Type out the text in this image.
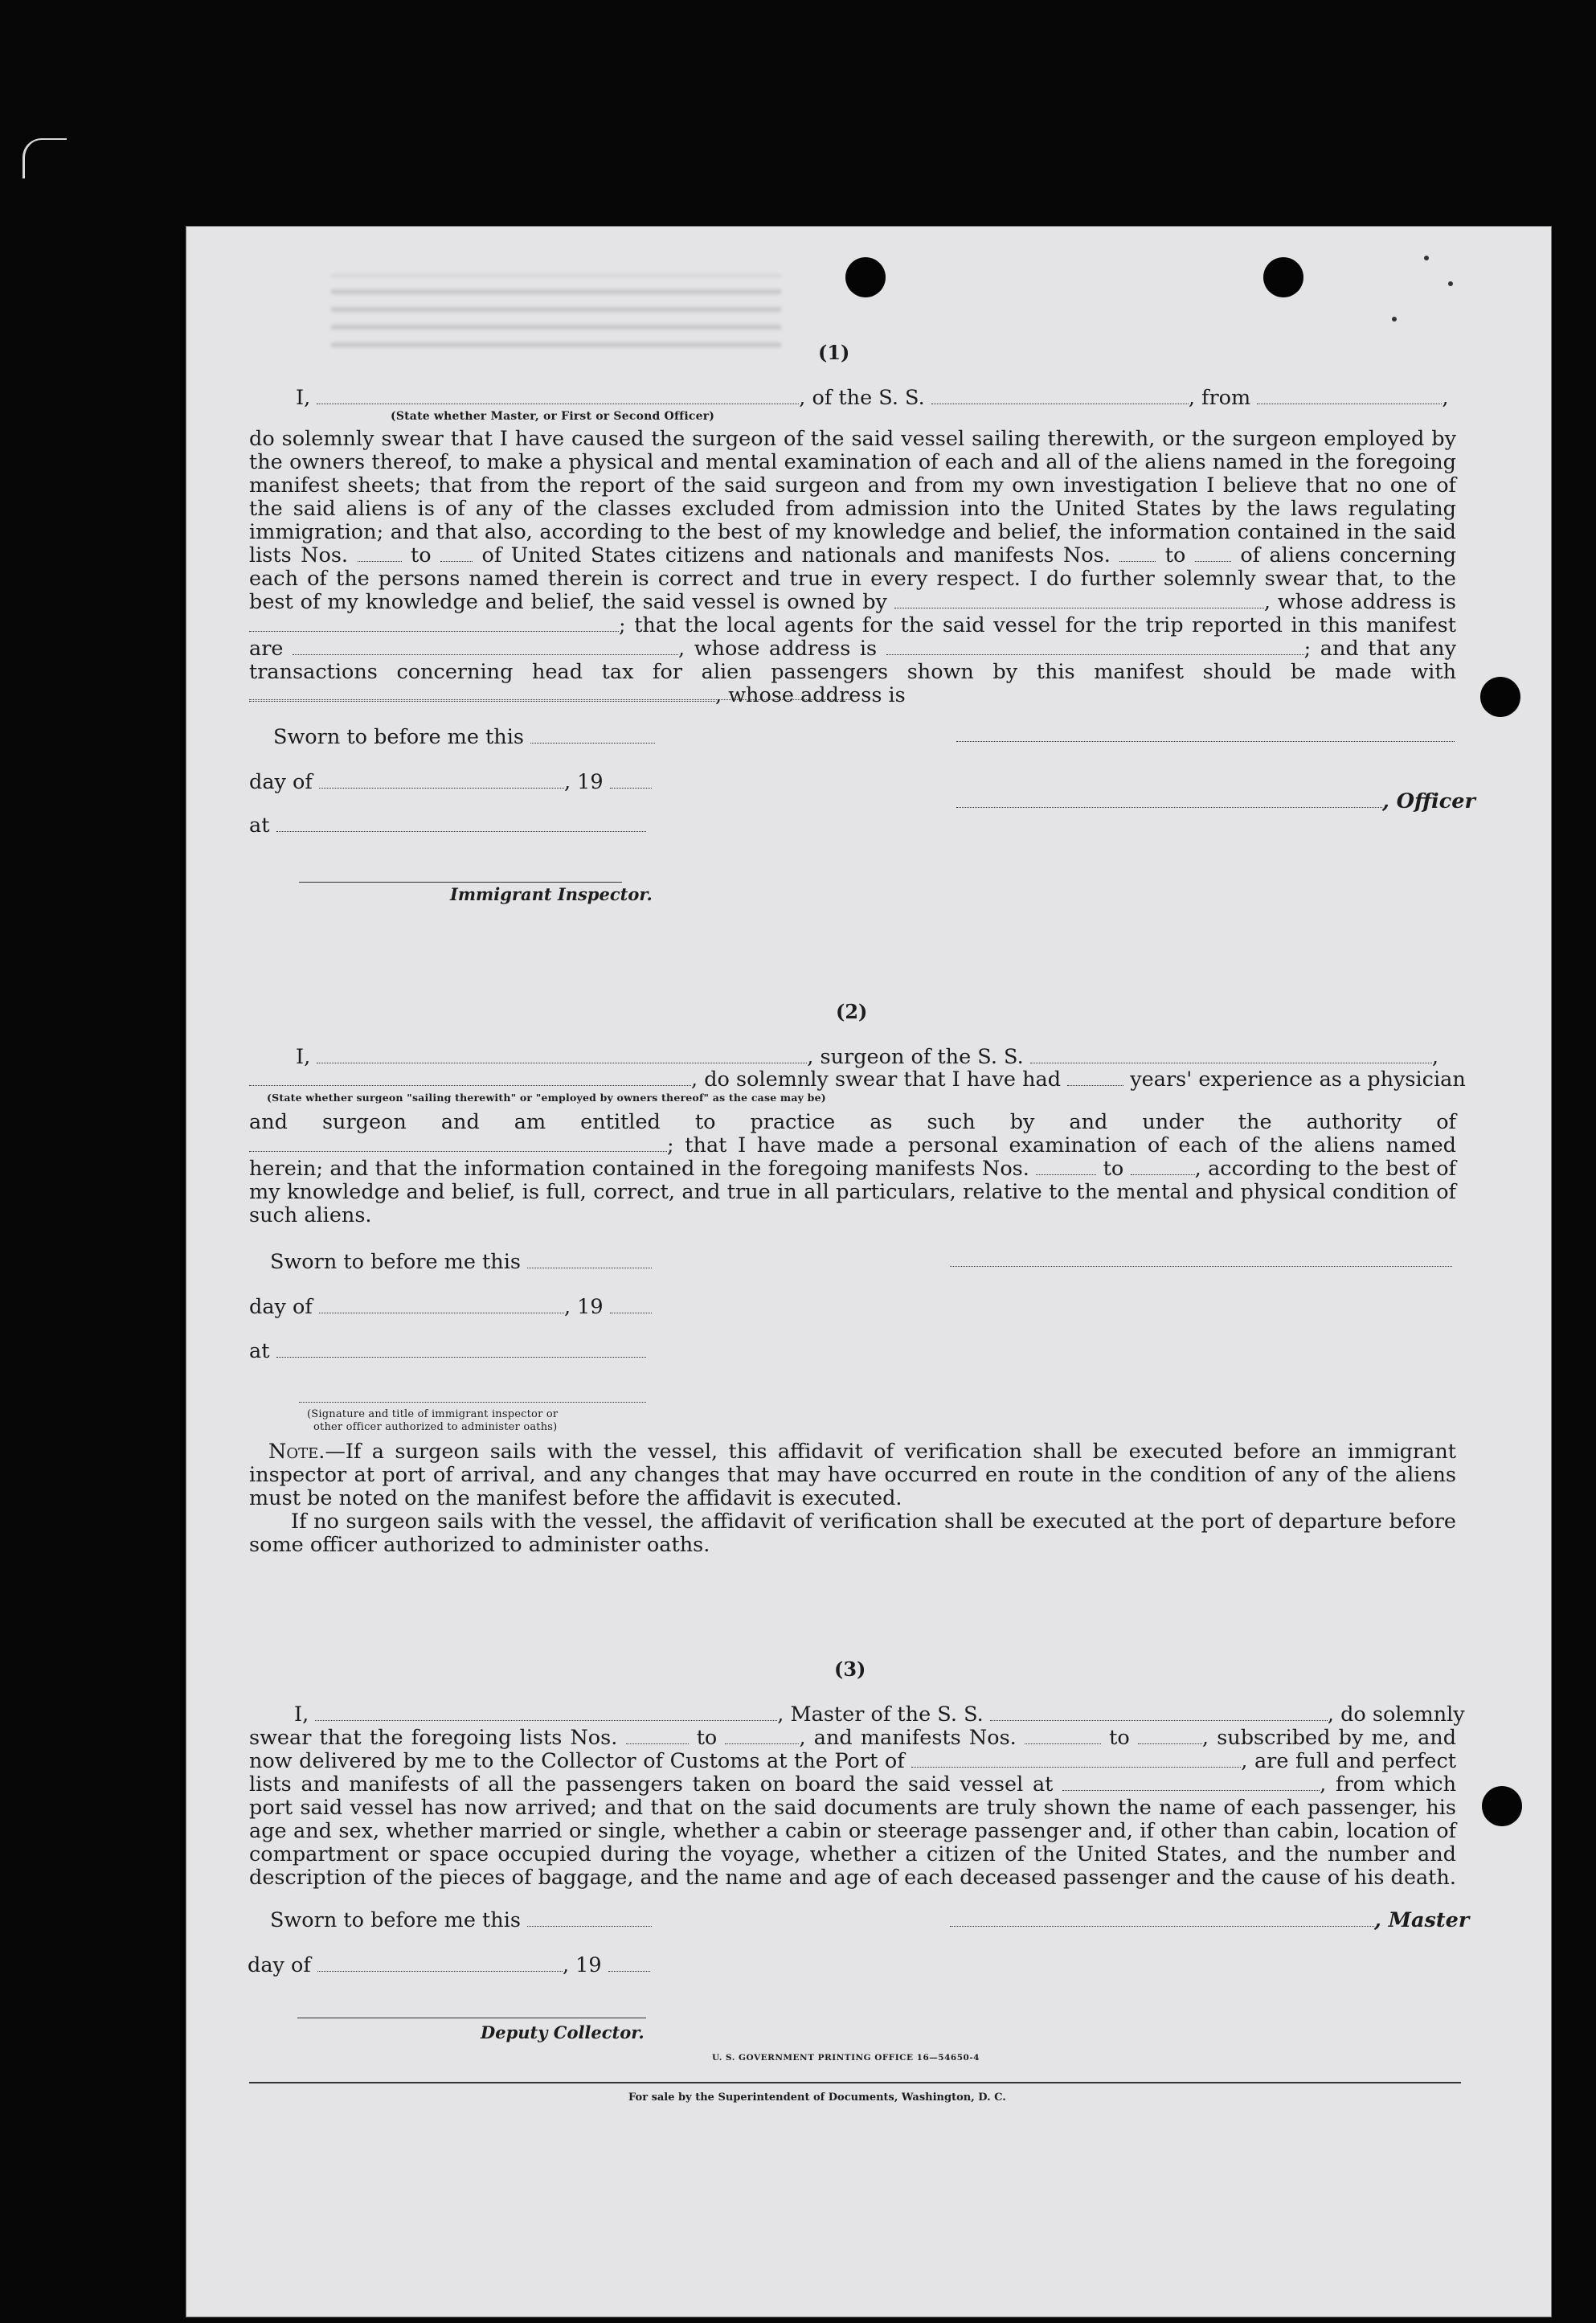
(1)
I,	, of the S. S.	, from	,
(State whether Master, or First or Second Officer)
do solemnly swear that I have caused the surgeon of the said vessel sailing therewith, or the surgeon employed by the owners thereof, to make a physical and mental examination of each and all of the aliens named in the foregoing manifest sheets; that from the report of the said surgeon and from my own investigation I believe that no one of the said aliens is of any of the classes excluded from admission into the United States by the laws regulating immigration; and that also, according to the best of my knowledge and belief, the information contained in the said lists Nos.	to of United States citizens and nationals and manifests Nos.	to	of aliens concerning each of the persons named therein is correct and true in every respect. I do further solemnly swear that, to the best of my knowledge and belief, the said vessel is owned by	, whose address is ; that the local agents for the said vessel for the trip reported in this manifest are	, whose address is	; and that any transactions concerning head tax for alien passengers shown by this manifest should be made with , whose address is
Sworn to before me this
day of	, 19
, Officer
at
Immigrant Inspector.
(2)
I,	, surgeon of the S. S.	,
, do solemnly swear that I have had	years' experience as a physician
(State whether surgeon "sailing therewith" or "employed by owners thereof" as the case may be)
and surgeon and am entitled to practice as such by and under the authority of ; that I have made a personal examination of each of the aliens named herein; and that the information contained in the foregoing manifests Nos.	to	, according to the best of my knowledge and belief, is full, correct, and true in all particulars, relative to the mental and physical condition of such aliens.
Sworn to before me this
day of	, 19
at
(Signature and title of immigrant inspector or
other officer authorized to administer oaths)
Note.—If a surgeon sails with the vessel, this affidavit of verification shall be executed before an immigrant inspector at port of arrival, and any changes that may have occurred en route in the condition of any of the aliens must be noted on the manifest before the affidavit is executed.
If no surgeon sails with the vessel, the affidavit of verification shall be executed at the port of departure before some officer authorized to administer oaths.
(3)
I,	, Master of the S. S.	, do solemnly
swear that the foregoing lists Nos.	to	, and manifests Nos.	to	, subscribed by me, and now delivered by me to the Collector of Customs at the Port of	, are full and perfect lists and manifests of all the passengers taken on board the said vessel at	, from which port said vessel has now arrived; and that on the said documents are truly shown the name of each passenger, his age and sex, whether married or single, whether a cabin or steerage passenger and, if other than cabin, location of compartment or space occupied during the voyage, whether a citizen of the United States, and the number and description of the pieces of baggage, and the name and age of each deceased passenger and the cause of his death.
Sworn to before me this	, Master
day of	, 19
Deputy Collector.
U. S. GOVERNMENT PRINTING OFFICE 16—54650-4
For sale by the Superintendent of Documents, Washington, D. C.
